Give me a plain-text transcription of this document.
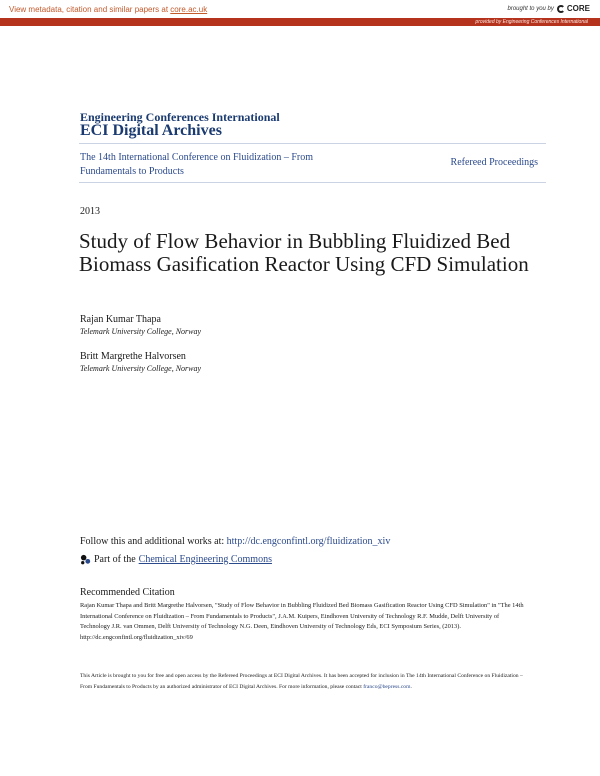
View metadata, citation and similar papers at core.ac.uk	brought to you by CORE
provided by Engineering Conferences International
Engineering Conferences International
ECI Digital Archives
The 14th International Conference on Fluidization – From Fundamentals to Products
Refereed Proceedings
2013
Study of Flow Behavior in Bubbling Fluidized Bed Biomass Gasification Reactor Using CFD Simulation
Rajan Kumar Thapa
Telemark University College, Norway
Britt Margrethe Halvorsen
Telemark University College, Norway
Follow this and additional works at: http://dc.engconfintl.org/fluidization_xiv
Part of the Chemical Engineering Commons
Recommended Citation
Rajan Kumar Thapa and Britt Margrethe Halvorsen, "Study of Flow Behavior in Bubbling Fluidized Bed Biomass Gasification Reactor Using CFD Simulation" in "The 14th International Conference on Fluidization – From Fundamentals to Products", J.A.M. Kuipers, Eindhoven University of Technology R.F. Mudde, Delft University of Technology J.R. van Ommen, Delft University of Technology N.G. Deen, Eindhoven University of Technology Eds, ECI Symposium Series, (2013). http://dc.engconfintl.org/fluidization_xiv/69
This Article is brought to you for free and open access by the Refereed Proceedings at ECI Digital Archives. It has been accepted for inclusion in The 14th International Conference on Fluidization – From Fundamentals to Products by an authorized administrator of ECI Digital Archives. For more information, please contact franco@bepress.com.
